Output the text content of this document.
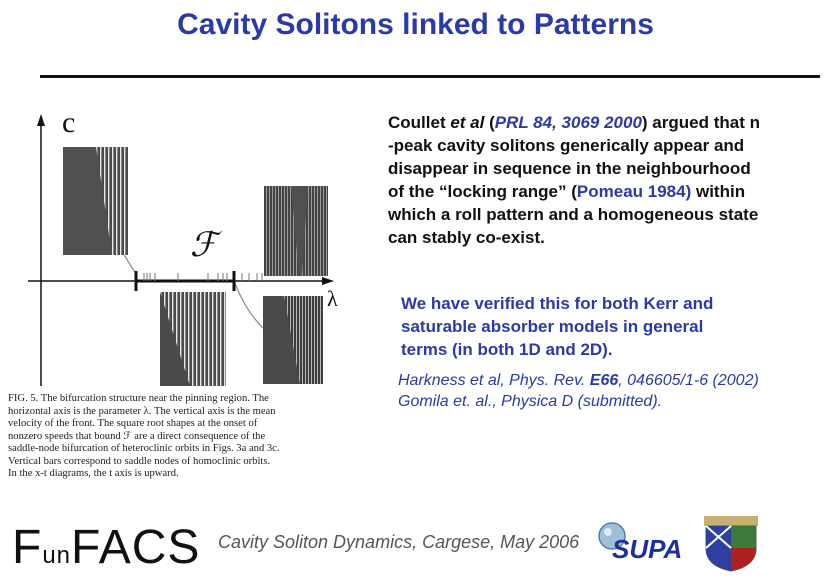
Cavity Solitons linked to Patterns
c
λ
ℱ
FIG. 5. The bifurcation structure near the pinning region. The
horizontal axis is the parameter λ. The vertical axis is the mean
velocity of the front. The square root shapes at the onset of
nonzero speeds that bound ℱ are a direct consequence of the
saddle-node bifurcation of heteroclinic orbits in Figs. 3a and 3c.
Vertical bars correspond to saddle nodes of homoclinic orbits.
In the x-t diagrams, the t axis is upward.
Coullet et al (PRL 84, 3069 2000) argued that n
-peak cavity solitons generically appear and
disappear in sequence in the neighbourhood
of the “locking range” (Pomeau 1984) within
which a roll pattern and a homogeneous state
can stably co-exist.
We have verified this for both Kerr and
saturable absorber models in general
terms (in both 1D and 2D).
Harkness et al, Phys. Rev. E66, 046605/1-6 (2002)
Gomila et. al., Physica D (submitted).
FunFACS Cavity Soliton Dynamics, Cargese, May 2006 SUPA
